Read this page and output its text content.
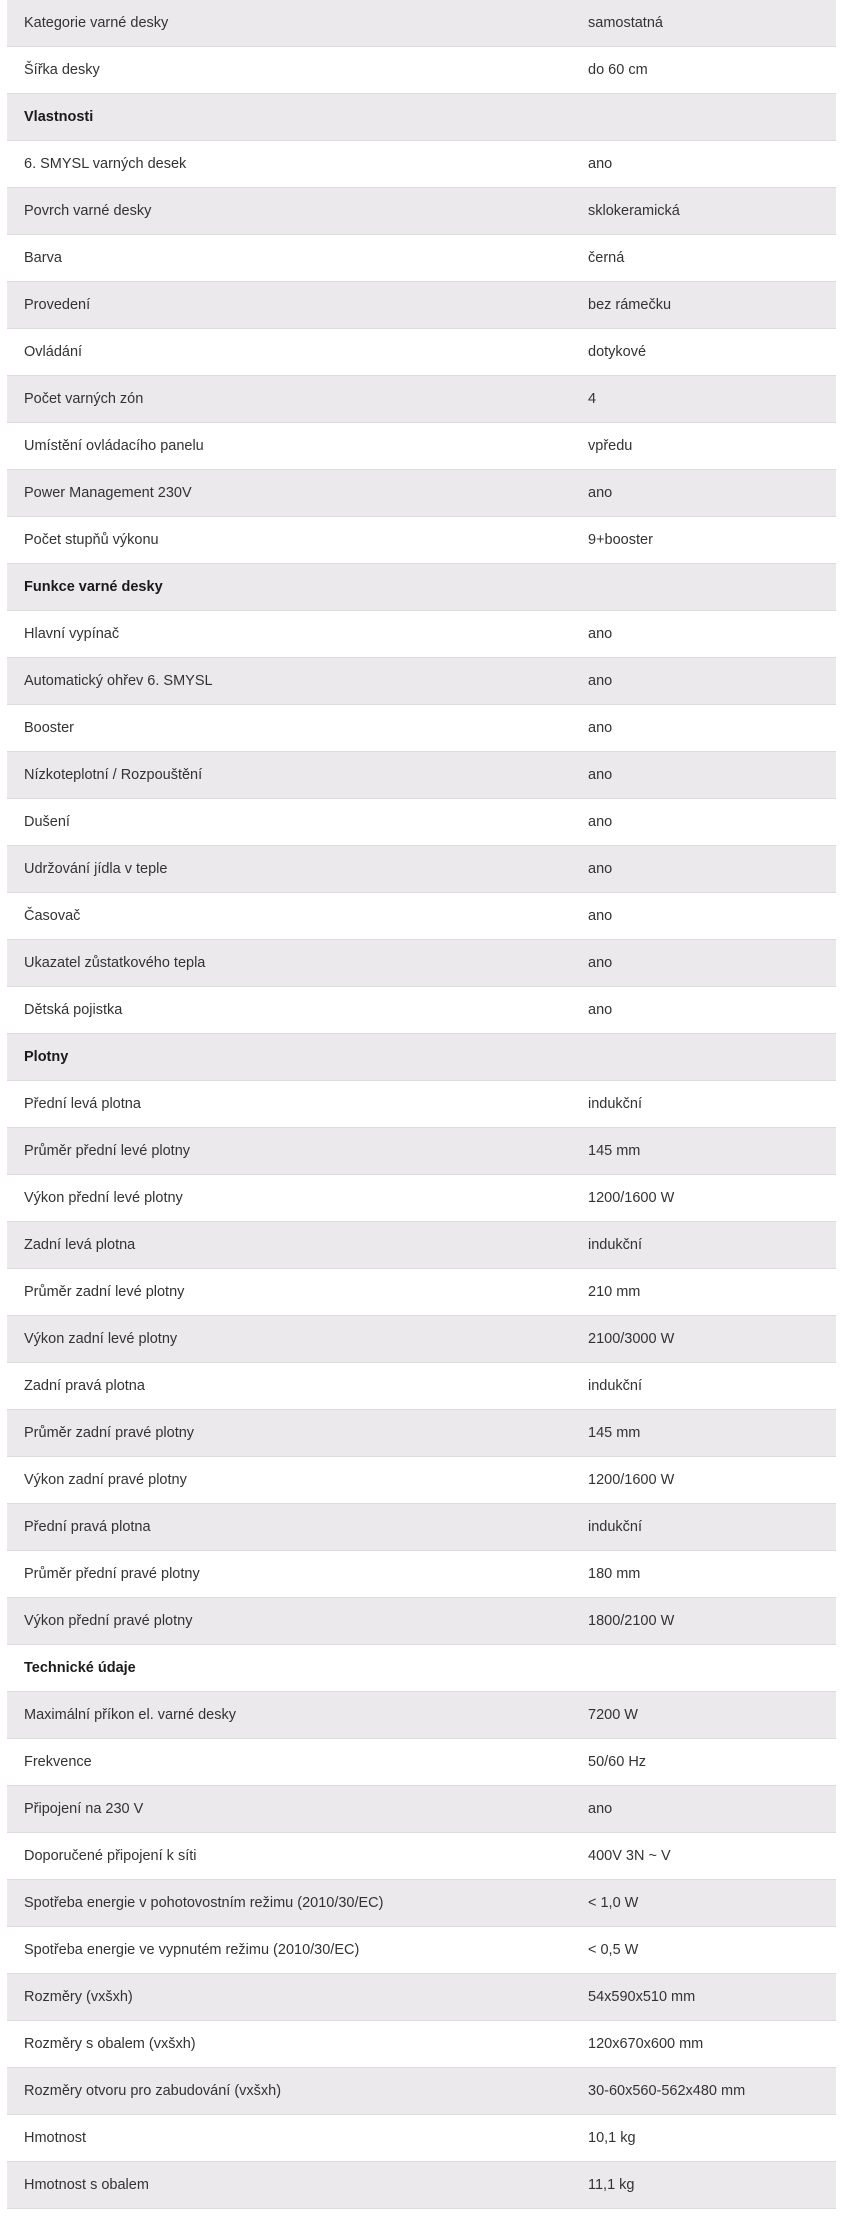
Kategorie varné desky	samostatná
Šířka desky	do 60 cm
Vlastnosti	
6. SMYSL varných desek	ano
Povrch varné desky	sklokeramická
Barva	černá
Provedení	bez rámečku
Ovládání	dotykové
Počet varných zón	4
Umístění ovládacího panelu	vpředu
Power Management 230V	ano
Počet stupňů výkonu	9+booster
Funkce varné desky	
Hlavní vypínač	ano
Automatický ohřev 6. SMYSL	ano
Booster	ano
Nízkoteplotní / Rozpouštění	ano
Dušení	ano
Udržování jídla v teple	ano
Časovač	ano
Ukazatel zůstatkového tepla	ano
Dětská pojistka	ano
Plotny	
Přední levá plotna	indukční
Průměr přední levé plotny	145 mm
Výkon přední levé plotny	1200/1600 W
Zadní levá plotna	indukční
Průměr zadní levé plotny	210 mm
Výkon zadní levé plotny	2100/3000 W
Zadní pravá plotna	indukční
Průměr zadní pravé plotny	145 mm
Výkon zadní pravé plotny	1200/1600 W
Přední pravá plotna	indukční
Průměr přední pravé plotny	180 mm
Výkon přední pravé plotny	1800/2100 W
Technické údaje	
Maximální příkon el. varné desky	7200 W
Frekvence	50/60 Hz
Připojení na 230 V	ano
Doporučené připojení k síti	400V 3N ~ V
Spotřeba energie v pohotovostním režimu (2010/30/EC)	< 1,0 W
Spotřeba energie ve vypnutém režimu (2010/30/EC)	< 0,5 W
Rozměry (vxšxh)	54x590x510 mm
Rozměry s obalem (vxšxh)	120x670x600 mm
Rozměry otvoru pro zabudování (vxšxh)	30-60x560-562x480 mm
Hmotnost	10,1 kg
Hmotnost s obalem	11,1 kg
